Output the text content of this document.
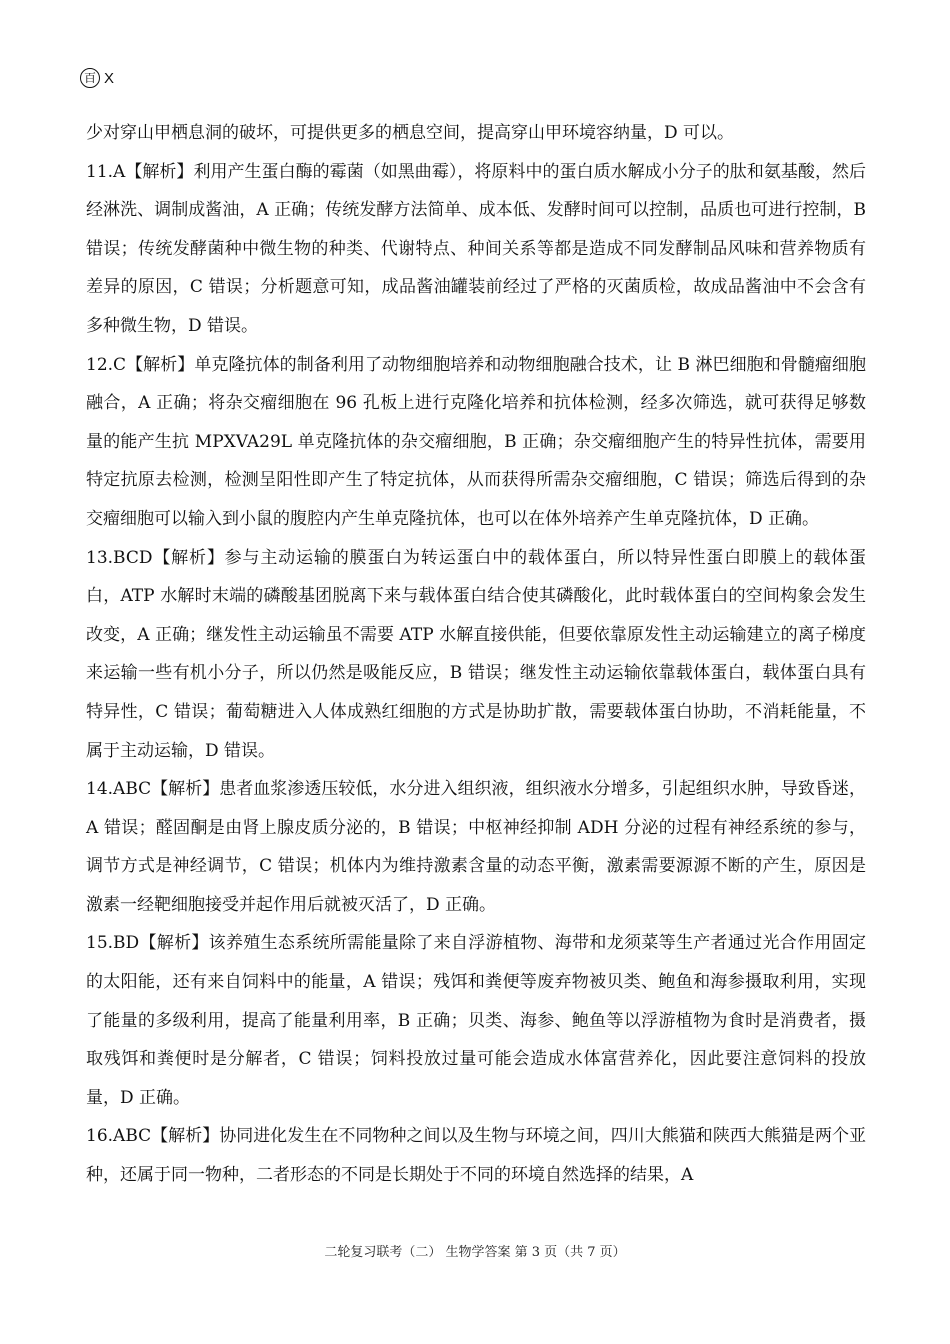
百 X

少对穿山甲栖息洞的破坏，可提供更多的栖息空间，提高穿山甲环境容纳量，D 可以。

11.A【解析】利用产生蛋白酶的霉菌（如黑曲霉），将原料中的蛋白质水解成小分子的肽和氨基酸，然后经淋洗、调制成酱油，A 正确；传统发酵方法简单、成本低、发酵时间可以控制，品质也可进行控制，B 错误；传统发酵菌种中微生物的种类、代谢特点、种间关系等都是造成不同发酵制品风味和营养物质有差异的原因，C 错误；分析题意可知，成品酱油罐装前经过了严格的灭菌质检，故成品酱油中不会含有多种微生物，D 错误。

12.C【解析】单克隆抗体的制备利用了动物细胞培养和动物细胞融合技术，让 B 淋巴细胞和骨髓瘤细胞融合，A 正确；将杂交瘤细胞在 96 孔板上进行克隆化培养和抗体检测，经多次筛选，就可获得足够数量的能产生抗 MPXVA29L 单克隆抗体的杂交瘤细胞，B 正确；杂交瘤细胞产生的特异性抗体，需要用特定抗原去检测，检测呈阳性即产生了特定抗体，从而获得所需杂交瘤细胞，C 错误；筛选后得到的杂交瘤细胞可以输入到小鼠的腹腔内产生单克隆抗体，也可以在体外培养产生单克隆抗体，D 正确。

13.BCD【解析】参与主动运输的膜蛋白为转运蛋白中的载体蛋白，所以特异性蛋白即膜上的载体蛋白，ATP 水解时末端的磷酸基团脱离下来与载体蛋白结合使其磷酸化，此时载体蛋白的空间构象会发生改变，A 正确；继发性主动运输虽不需要 ATP 水解直接供能，但要依靠原发性主动运输建立的离子梯度来运输一些有机小分子，所以仍然是吸能反应，B 错误；继发性主动运输依靠载体蛋白，载体蛋白具有特异性，C 错误；葡萄糖进入人体成熟红细胞的方式是协助扩散，需要载体蛋白协助，不消耗能量，不属于主动运输，D 错误。

14.ABC【解析】患者血浆渗透压较低，水分进入组织液，组织液水分增多，引起组织水肿，导致昏迷，A 错误；醛固酮是由肾上腺皮质分泌的，B 错误；中枢神经抑制 ADH 分泌的过程有神经系统的参与，调节方式是神经调节，C 错误；机体内为维持激素含量的动态平衡，激素需要源源不断的产生，原因是激素一经靶细胞接受并起作用后就被灭活了，D 正确。

15.BD【解析】该养殖生态系统所需能量除了来自浮游植物、海带和龙须菜等生产者通过光合作用固定的太阳能，还有来自饲料中的能量，A 错误；残饵和粪便等废弃物被贝类、鲍鱼和海参摄取利用，实现了能量的多级利用，提高了能量利用率，B 正确；贝类、海参、鲍鱼等以浮游植物为食时是消费者，摄取残饵和粪便时是分解者，C 错误；饲料投放过量可能会造成水体富营养化，因此要注意饲料的投放量，D 正确。

16.ABC【解析】协同进化发生在不同物种之间以及生物与环境之间，四川大熊猫和陕西大熊猫是两个亚种，还属于同一物种，二者形态的不同是长期处于不同的环境自然选择的结果，A

二轮复习联考（二） 生物学答案 第 3 页（共 7 页）
